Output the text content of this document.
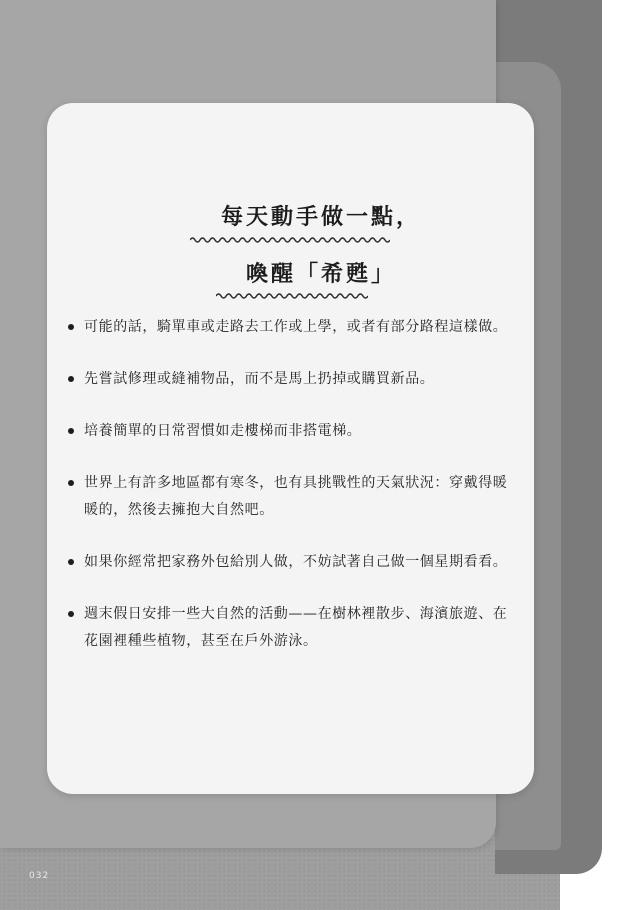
每天動手做一點，
喚醒「希甦」
可能的話，騎單車或走路去工作或上學，或者有部分路程這樣做。
先嘗試修理或縫補物品，而不是馬上扔掉或購買新品。
培養簡單的日常習慣如走樓梯而非搭電梯。
世界上有許多地區都有寒冬，也有具挑戰性的天氣狀況：穿戴得暖暖的，然後去擁抱大自然吧。
如果你經常把家務外包給別人做，不妨試著自己做一個星期看看。
週末假日安排一些大自然的活動——在樹林裡散步、海濱旅遊、在花園裡種些植物，甚至在戶外游泳。
032
